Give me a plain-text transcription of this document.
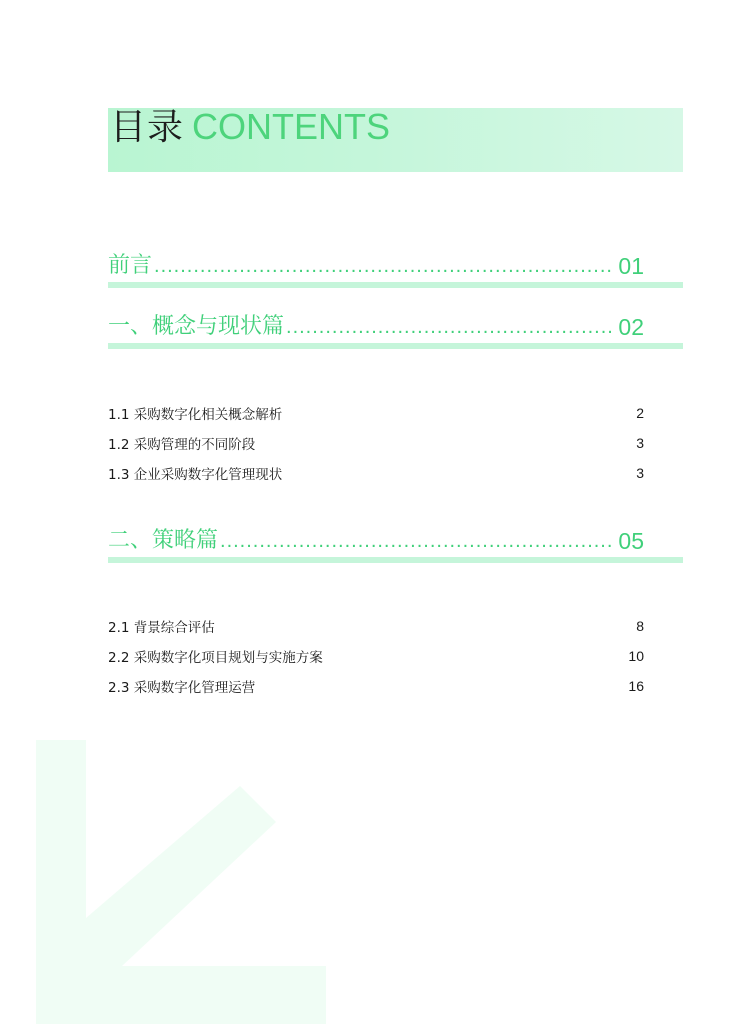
目录 CONTENTS
前言 .....	01
一、概念与现状篇 .....	02
1.1 采购数字化相关概念解析	2
1.2 采购管理的不同阶段	3
1.3 企业采购数字化管理现状	3
二、策略篇 .....	05
2.1 背景综合评估	8
2.2 采购数字化项目规划与实施方案	10
2.3 采购数字化管理运营	16
